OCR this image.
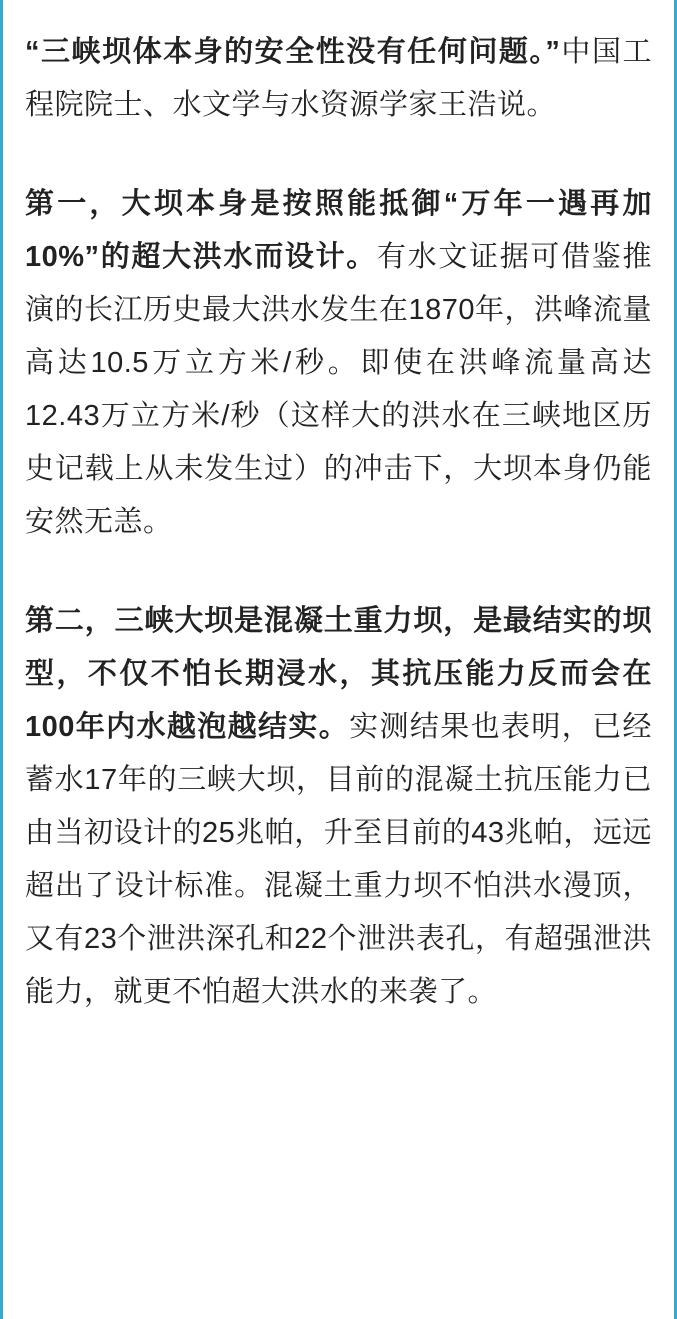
“三峡坝体本身的安全性没有任何问题。”中国工程院院士、水文学与水资源学家王浩说。

第一，大坝本身是按照能抵御“万年一遇再加10%”的超大洪水而设计。有水文证据可借鉴推演的长江历史最大洪水发生在1870年，洪峰流量高达10.5万立方米/秒。即使在洪峰流量高达12.43万立方米/秒（这样大的洪水在三峡地区历史记载上从未发生过）的冲击下，大坝本身仍能安然无恙。

第二，三峡大坝是混凝土重力坝，是最结实的坝型，不仅不怕长期浸水，其抗压能力反而会在100年内水越泡越结实。实测结果也表明，已经蓄水17年的三峡大坝，目前的混凝土抗压能力已由当初设计的25兆帕，升至目前的43兆帕，远远超出了设计标准。混凝土重力坝不怕洪水漫顶，又有23个泄洪深孔和22个泄洪表孔，有超强泄洪能力，就更不怕超大洪水的来袭了。
